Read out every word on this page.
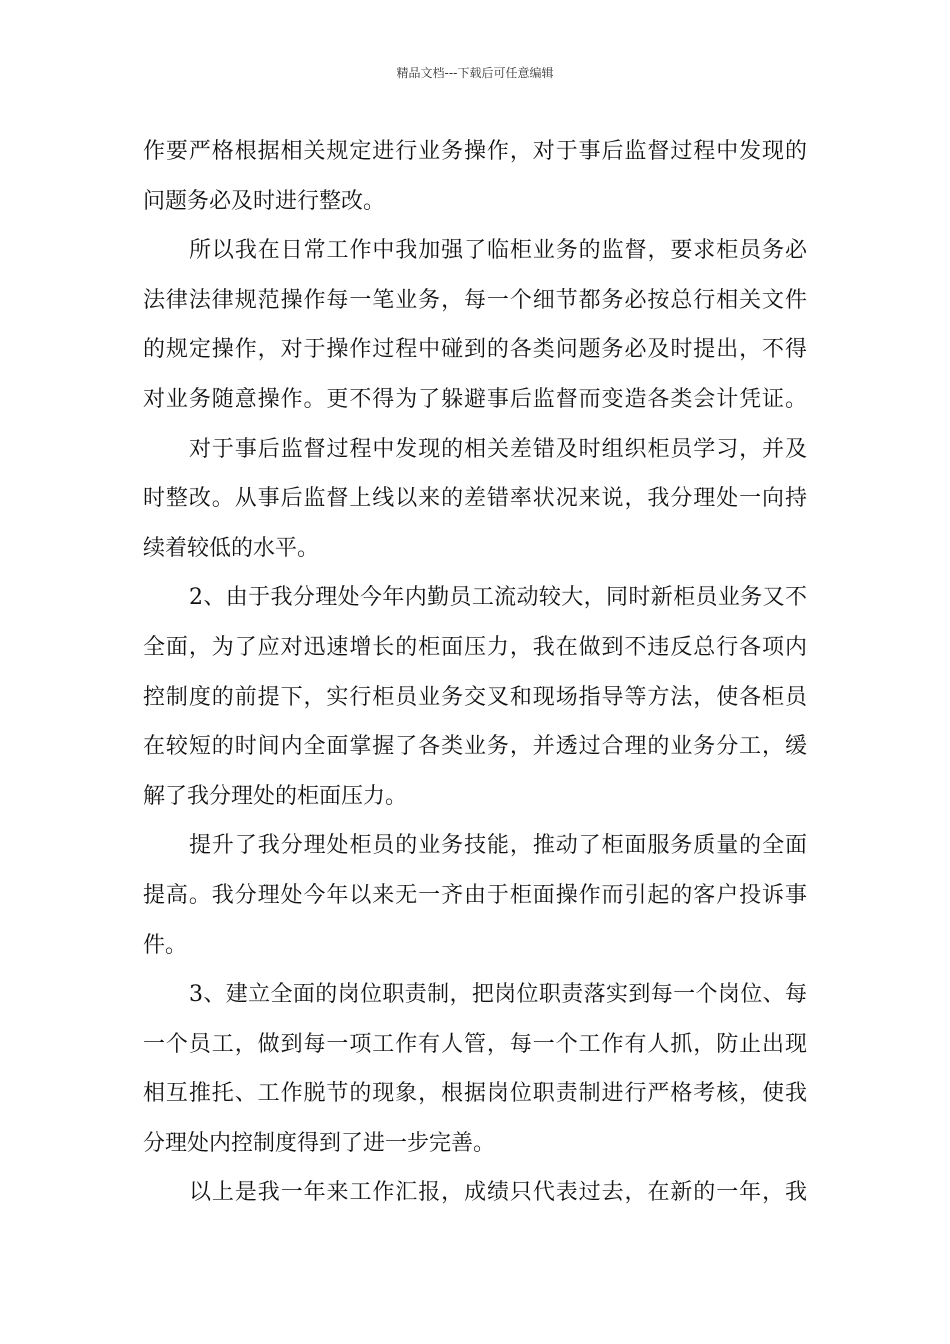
精品文档---下载后可任意编辑
作要严格根据相关规定进行业务操作，对于事后监督过程中发现的
问题务必及时进行整改。
所以我在日常工作中我加强了临柜业务的监督，要求柜员务必
法律法律规范操作每一笔业务，每一个细节都务必按总行相关文件
的规定操作，对于操作过程中碰到的各类问题务必及时提出，不得
对业务随意操作。更不得为了躲避事后监督而变造各类会计凭证。
对于事后监督过程中发现的相关差错及时组织柜员学习，并及
时整改。从事后监督上线以来的差错率状况来说，我分理处一向持
续着较低的水平。
2、由于我分理处今年内勤员工流动较大，同时新柜员业务又不
全面，为了应对迅速增长的柜面压力，我在做到不违反总行各项内
控制度的前提下，实行柜员业务交叉和现场指导等方法，使各柜员
在较短的时间内全面掌握了各类业务，并透过合理的业务分工，缓
解了我分理处的柜面压力。
提升了我分理处柜员的业务技能，推动了柜面服务质量的全面
提高。我分理处今年以来无一齐由于柜面操作而引起的客户投诉事
件。
3、建立全面的岗位职责制，把岗位职责落实到每一个岗位、每
一个员工，做到每一项工作有人管，每一个工作有人抓，防止出现
相互推托、工作脱节的现象，根据岗位职责制进行严格考核，使我
分理处内控制度得到了进一步完善。
以上是我一年来工作汇报，成绩只代表过去，在新的一年，我
